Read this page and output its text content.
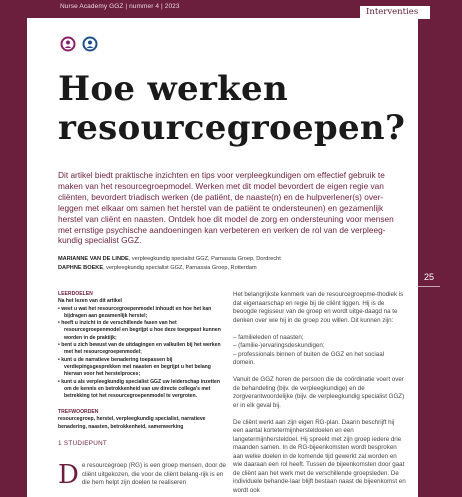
Nurse Academy GGZ | nummer 4 | 2023
Interventies
Hoe werken
resourcegroepen?
Dit artikel biedt praktische inzichten en tips voor verpleegkundigen om effectief gebruik te maken van het resourcegroepmodel. Werken met dit model bevordert de eigen regie van cliënten, bevordert triadisch werken (de patiënt, de naaste(n) en de hulpverlener(s) over-leggen met elkaar om samen het herstel van de patiënt te ondersteunen) en gezamenlijk herstel van cliënt en naasten. Ontdek hoe dit model de zorg en ondersteuning voor mensen met ernstige psychische aandoeningen kan verbeteren en verken de rol van de verpleeg-kundig specialist GGZ.
MARIANNE VAN DE LINDE, verpleegkundig specialist GGZ, Parnassia Groep, Dordrecht
DAPHNE BOEKE, verpleegkundig specialist GGZ, Parnassia Groep, Rotterdam
25
LEERDOELEN
Na het lezen van dit artikel
• weet u wat het resourcegroepenmodel inhoudt en hoe het kan bijdragen aan gezamenlijk herstel;
• heeft u inzicht in de verschillende fasen van het resourcegroepenmodel en begrijpt u hoe deze toegepast kunnen worden in de praktijk;
• bent u zich bewust van de uitdagingen en valkuilen bij het werken met het resourcegroepenmodel;
• kunt u de narratieve benadering toepassen bij verdiepingsgesprekken met naasten en begrijpt u het belang hiervan voor het herstelproces;
• kunt u als verpleegkundig specialist GGZ uw leiderschap inzetten om de kennis en betrokkenheid van uw directe collega's met betrekking tot het resourcegroepenmodel te vergroten.
TREFWOORDEN
resourcegroep, herstel, verpleegkundig specialist, narratieve benadering, naasten, betrokkenheid, samenwerking
1 STUDIEPUNT
De resourcegroep (RG) is een groep mensen, door de cliënt uitgekozen, die voor de cliënt belang-rijk is en die hem helpt zijn doelen te realiseren

Het belangrijkste kenmerk van de resourcegroepme-thodiek is dat eigenaarschap en regie bij de cliënt liggen. Hij is de beoogde regisseur van de groep en wordt uitge-daagd na te denken over wie hij in de groep zou willen. Dit kunnen zijn:

– familieleden of naasten;
– (familie-)ervaringsdeskundigen;
– professionals binnen of buiten de GGZ en het sociaal domein.

Vanuit de GGZ horen de persoon die de coördinatie voert over de behandeling (bijv. de verpleegkundige) en de zorgverantwoordelijke (bijv. de verpleegkundig specialist GGZ) er in elk geval bij.

De cliënt werkt aan zijn eigen RG-plan. Daarin beschrijft hij een aantal kortetermijnhersteldoelen en een langetermijnhersteldoel. Hij spreekt met zijn groep iedere drie maanden samen. In de RG-bijeenkomsten wordt besproken aan welke doelen in de komende tijd gewerkt zal worden en wie daaraan een rol heeft. Tussen de bijeenkomsten door gaat de cliënt aan het werk met de verschillende groepsleden. De individuele behande-laar blijft bestaan naast de bijeenkomst en wordt ook
